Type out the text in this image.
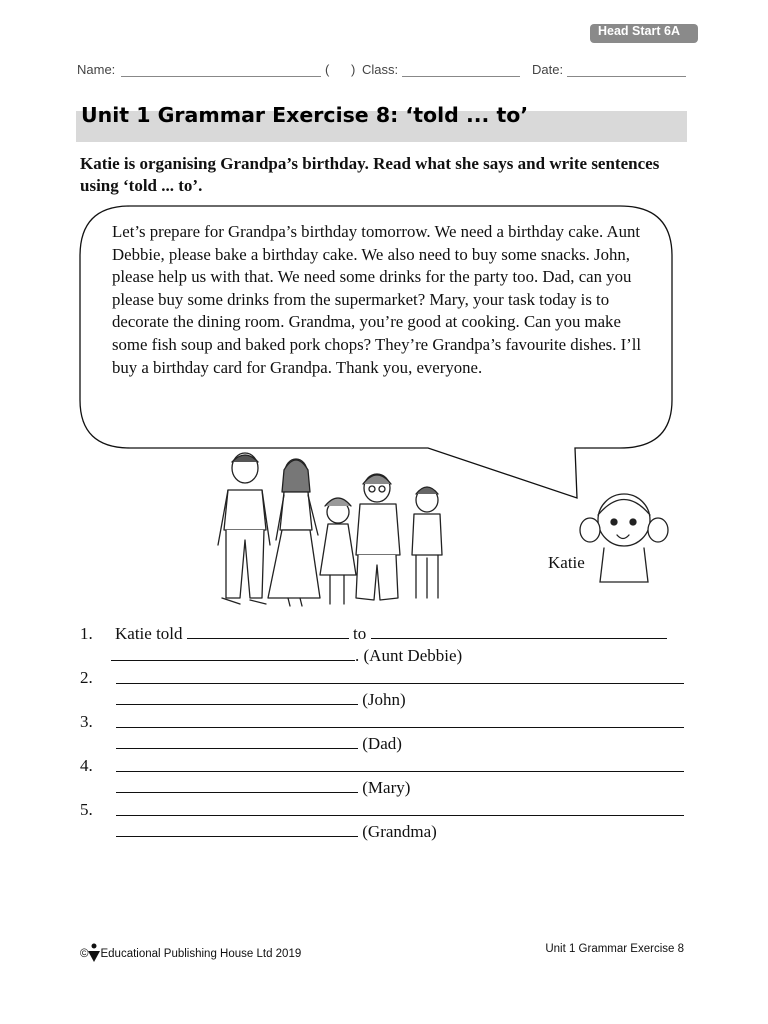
Head Start 6A
Name:	(      ) Class:	Date:
Unit 1 Grammar Exercise 8: ‘told ... to’
Katie is organising Grandpa’s birthday. Read what she says and write sentences using ‘told ... to’.
Let’s prepare for Grandpa’s birthday tomorrow. We need a birthday cake. Aunt Debbie, please bake a birthday cake. We also need to buy some snacks. John, please help us with that. We need some drinks for the party too. Dad, can you please buy some drinks from the supermarket? Mary, your task today is to decorate the dining room. Grandma, you’re good at cooking. Can you make some fish soup and baked pork chops? They’re Grandpa’s favourite dishes. I’ll buy a birthday card for Grandpa. Thank you, everyone.
Katie
1. Katie told	to
. (Aunt Debbie)
2.
(John)
3.
(Dad)
4.
(Mary)
5.
(Grandma)
© Educational Publishing House Ltd 2019	Unit 1 Grammar Exercise 8
